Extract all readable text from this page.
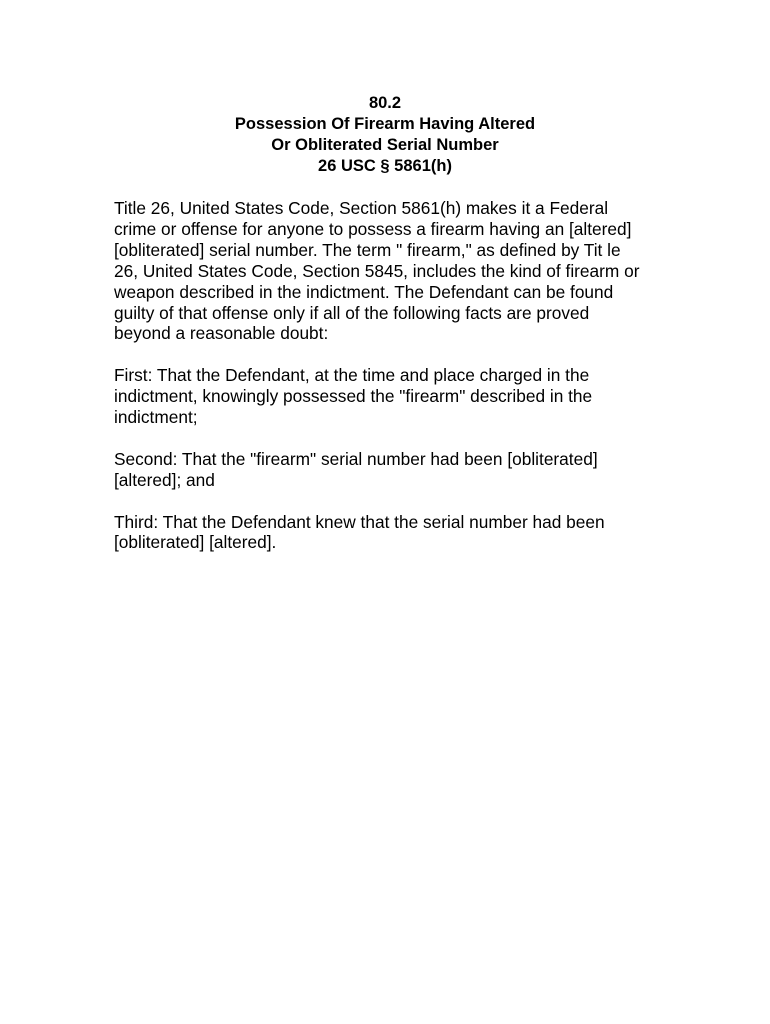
80.2
Possession Of Firearm Having Altered
Or Obliterated Serial Number
26 USC § 5861(h)
Title 26, United States Code, Section 5861(h) makes it a Federal
crime or offense for anyone to possess a firearm having an [altered]
[obliterated] serial number. The term " firearm," as defined by Tit le
26, United States Code, Section 5845, includes the kind of firearm or
weapon described in the indictment. The Defendant can be found
guilty of that offense only if all of the following facts are proved
beyond a reasonable doubt:
First: That the Defendant, at the time and place charged in the
indictment, knowingly possessed the "firearm" described in the
indictment;
Second: That the "firearm" serial number had been [obliterated]
[altered]; and
Third: That the Defendant knew that the serial number had been
[obliterated] [altered].
